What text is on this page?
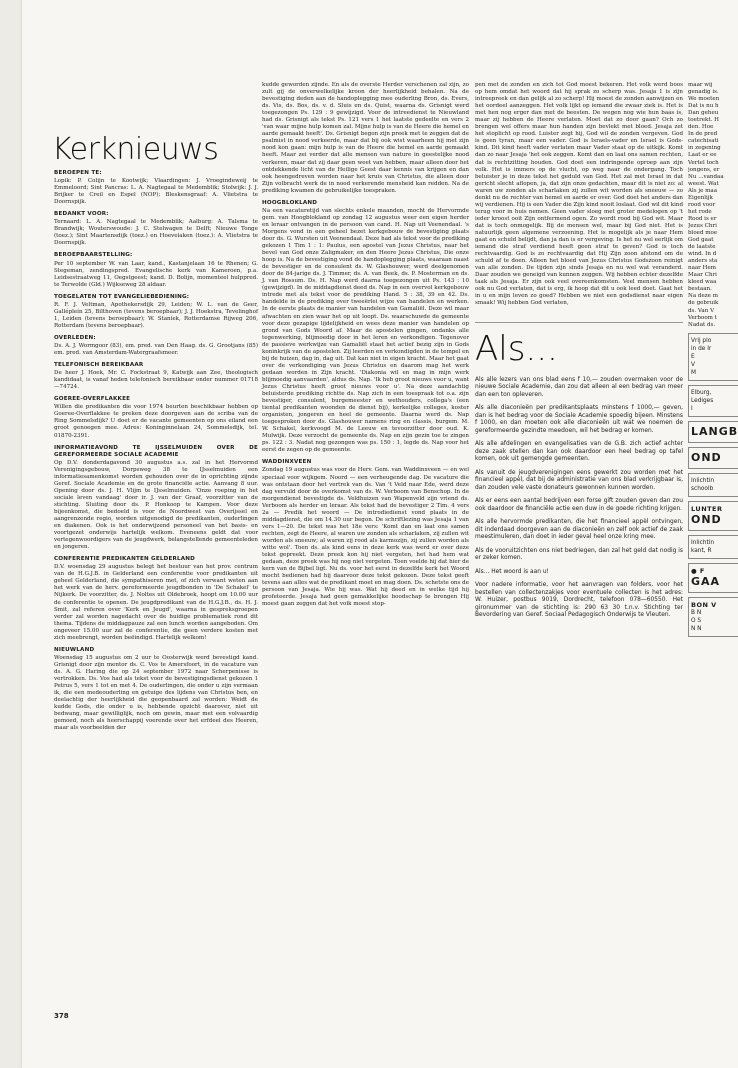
Kerknieuws
BEROEPEN TE:

Lopik: P. Colijn te Kootwijk; Vlaardingen: J. Vroegindeweij te Emmeloord; Sint Pancras: L. A. Nagtegaal te Medemblik; Stolwijk: J. J. Brijker te Creil en Espel (NOP); Bleskensgraaf: A. Vlietstra te Doornspijk.

BEDANKT VOOR:

Ternaard: L. A. Nagtegaal te Medemblik; Aalburg: A. Talsma te Brandwijk; Wouterswoude: J. C. Stelwagen te Delft; Nieuwe Tonge (toez.); Sint Maartensdijk (toez.) en Hoevelaken (toez.): A. Vlietstra te Doornspijk.

BEROEPBAARSTELLING:

Per 10 september W. van Laar, kand., Kastanjelaan 16 te Rhenen; G. Stegeman, zendingspred. Evangelische kerk van Kameroen, p.a. Leidsestraatweg 11, Oegstgeest; kand. D. Bolijn, momenteel hulppred. te Terwolde (Gld.) Wijkseweg 28 aldaar.

TOEGELATEN TOT EVANGELIEBEDIENING:

R. F. J. Veltman, Apothekersdijk 29, Leiden; W. L. van de Geer, Gallépleín 25, Bilthoven (tevens beroepbaar); J. J. Hoekstra, Tevelinghof 1, Leiden (tevens beroepbaar); W. Staniek, Rotterdamse Rijweg 206, Rotterdam (tevens beroepbaar).

OVERLEDEN:

Ds. A. J. Wormgoor (83), em. pred. van Den Haag. ds. G. Grootjans (85) em. pred. van Amsterdam-Watergraafsmeer.

TELEFONISCH BEREIKBAAR

De heer J. Hoek, Mr. C. Fockstraat 9, Katwijk aan Zee, theologisch kandidaat, is vanaf heden telefonisch bereikbaar onder nummer 01718—74724.

GOEREE-OVERFLAKKEE

Willen die predikanten die voor 1974 beurten beschikbaar hebben op Goeree-Overflakkee te preken deze doorgeven aan de scriba van de Ring Sommelsdijk? U doet er de vacante gemeenten op ons eiland een groot genoegen mee. Adres: Koninginnelaan 24, Sommelsdijk, tel. 01870-2391.

INFORMATIEAVOND TE IJSSELMUIDEN OVER DE GEREFORMEERDE SOCIALE ACADEMIE

Op D.V. donderdagavond 30 augustus a.s. zal in het Hervormd Verenigingsgebouw, Dorpsweg 38 te IJsselmuiden een informatiesamenkomst worden gehouden over de in oprichting zijnde Geref. Sociale Academie en de grote financiële actie. Aanvang 8 uur. Opening door ds. J. H. Vlijm te IJsselmuiden. 'Onze roeping in het sociale leven vandaag' door ir. J. van der Graaf, voorzitter van de stichting. Sluiting door ds. P. Honkoop te Kampen. Voor deze bijeenkomst, die bedoeld is voor de Noordwest van Overijssel en aangrenzende regio, worden uitgenodigd de predikanten, ouderlingen en diakenen. Ook is het onderwijzend personeel van het basis- en voortgezet onderwijs hartelijk welkom. Eveneens geldt dat voor vertegenwoordigers van de jeugdwerk, belangstellende gemeenteleden en jongeren.

CONFERENTIE PREDIKANTEN GELDERLAND

D.V. woensdag 29 augustus belegt het bestuur van het prov. centrum van de H.G.J.B. in Gelderland een conferentie voor predikanten uit geheel Gelderland, die sympathiseren met, of zich verwant weten aan het werk van de herv. gereformeerde jeugdbonden in 'De Schakel' te Nijkerk. De voorzitter, ds. J. Noltes uit Oldebroek, hoopt om 10.00 uur de conferentie te openen. De jeugdpredikant van de H.G.J.B., ds. H. J. Smit, zal referen over 'Kerk en Jeugd', waarna in gespreksgroepen verder zal worden nagedacht over de huidige problematiek rond dit thema. Tijdens de middagpauze zal een lunch worden aangeboden. Om ongeveer 15.00 uur zal de conferentie, die geen verdere kosten met zich meebrengt, worden beëindigd. Hartelijk welkom!

NIEUWLAND

Woensdag 15 augustus om 2 uur te Oosterwijk werd bevestigd kand. Grisnigt door zijn mentor ds. C. Vos te Amersfoort, in de vacature van ds. A. G. Haring die op 24 september 1972 naar Scherpenisse is vertrokken. Ds. Vos had als tekst voor de bevestigingsdienst gekozen 1 Petrus 5, vers 1 tot en met 4. De ouderlingen, die onder u zijn vermaan ik, die een medeouderling en getuige des lijdens van Christus ben, en deelachtig der heerlijkheid die geopenbaard zal worden: Weidt de kudde Gods, die onder u is, hebbende opzicht daarover, niet uit bedwang, maar gewilliglijk, noch om gewin, maar met een volvaardig gemoed, noch als heerschappij voerende over het erfdeel des Heeren, maar als voorbeelden der

kudde geworden zijnde. En als de overste Herder verschenen zal zijn, zo zult gij de onverwelkelijke kroon der heerlijkheid behalen. Na de bevestiging deden aan de handoplegging mee ouderling Bron, ds. Evers, ds. Vis, ds. Bos, ds. v. d. Sluis en ds. Quist, waarna ds. Grisnigt werd toegezongen Ps. 129 : 9 gewijzigd. Voor de intreedienst te Nieuwland had ds. Grisnigt als tekst Ps. 121 vers 1 het laatste gedeelte en vers 2 'van waar mijne hulp komen zal. Mijne hulp is van de Heere die hemel en aarde gemaakt heeft'. Ds. Grisnigt begon zijn preek met te zeggen dat de psalmist in nood verkeerde, maar dat bij ook wist waarheen hij met zijn nood kon gaan: mijn hulp is van de Heere die hemel en aarde gemaakt heeft. Maar zei verder dat alle mensen van nature in geestelijke nood verkeren, maar dat zij daar geen weet van hebben, maar alleen door het ontdekkende licht van de Heilige Geest daar kennis van krijgen en dan ook heengedreven worden naar het kruis van Christus, die alleen door Zijn volbracht werk de in nood verkerende mensheid kan redden. Na de prediking kwamen de gebruikelijke toespraken.

HOOGBLOKLAND

Na een vacaturetijd van slechts enkele maanden, mocht de Hervormde gem. van Hoogblokland op zondag 12 augustus weer een eigen herder en leraar ontvangen in de persoon van cand. H. Nap uit Veenendaal. 's Morgens vond in een geheel bezet kerkgebouw de bevestiging plaats door ds. G. Wursten uit Veenendaal. Deze had als tekst voor de prediking gekozen 1 Tim 1 : 1: Paulus, een apostel van Jezus Christus, naar het bevel van God onze Zaligmaker, en den Heere Jezus Christus, Die onze hoop is. Na de bevestiging vond de handoplegging plaats, waaraan naast de bevestiger en de consulent ds. W. Glashouwer, werd deelgenomen door de 84-jarige ds. J. Timmer, ds. A. van Beek, ds. P. Mosterman en ds. J. van Rossum. Ds. H. Nap werd daarna toegezongen uit Ps. 143 : 10 (gewijzigd). In de middagdienst deed ds. Nap in een overvol kerkgebouw intrede met als tekst voor de prediking Hand. 5 : 38, 39 en 42. Ds. handelde in de prediking over tweeërlei wijze van handelen en werken. In de eerste plaats de manier van handelen van Gamaliël. Deze wil maar afwachten en zien waar het op uit loopt. Ds. waarschuwde de gemeente voor deze gezapige lijdelijkheid en wees deze manier van handelen op grond van Gods Woord af. Maar de apostelen gingen, ondanks alle tegenwerking, blijmoedig door in het leren en verkondigen. Tegenover de passieve werkwijze van Gamaliël staat het actief bezig zijn in Gods koninkrijk van de apostelen. Zij leerden en verkondigden in de tempel en bij de huizen, dag in, dag uit. Dat kan niet in eigen kracht. Maar het gaat over de verkondiging van Jezus Christus en daarom mag het werk gedaan worden in Zijn kracht. 'Diakonia wil en mag in mijn werk blijmoedig aanvaarden', aldus ds. Nap. 'Ik heb groot nieuws voor u, want Jezus Christus heeft groot nieuws voor u'. Na deze aandachtig beluisterde prediking richtte ds. Nap zich in een toespraak tot o.a. zijn bevestiger, consulent, burgemeester en wethouders, collega's (een tiental predikanten woonden de dienst bij), kerkelijke colleges, koster organisten, jongeren en heel de gemeente. Daarna werd ds. Nap toegesproken door ds. Glashouwer namens ring en classis, burgem. M. W. Schakel, kerkvoogd M. de Leeuw en tevoorzitter door oud. K. Mulwijk. Deze verzocht de gemeente ds. Nap en zijn gezin toe te zingen ps. 122 : 3. Nadat nog gezongen was ps. 150 : 1, legde ds. Nap voor het eerst de zegen op de gemeente.

WADDINXVEEN

Zondag 19 augustus was voor de Herv. Gem. van Waddinxveen — en wel speciaal voor wijkgem. Noord — een verheugende dag. De vacature die was ontstaan door het vertrek van ds. Van 't Veld naar Ede, werd deze dag vervuld door de overkomst van ds. W. Verboom van Benschop. In de morgendienst bevestigde ds. Veldhuizen van Wapenveld zijn vriend ds. Verboom als herder en leraar. Als tekst had de bevestiger 2 Tim. 4 vers 2a — Predik het woord — De introdiedienst vond plaats in de middagdienst, die om 14.30 uur begon. De schriftlezing was Jesaja 1 van vers 1—20. De tekst was het 18e vers: 'Komt dan en laat ons samen rechten, zegt de Heere, al waren uw zonden als scharlaken, zij zullen wit worden als sneeuw; al waren zij rood als karmozijn, zij zullen worden als witte wol'. Toen ds. als kind eens in deze kerk was werd er over deze tekst gepreekt. Deze preek kon hij niet vergeten, het had hem wat gedaan, deze preek was hij nog niet vergeten. Toen voelde hij dat hier de kern van de Bijbel ligt. Nu ds. voor het eerst in dezelfde kerk het Woord mocht bedienen had hij daarvoor deze tekst gekozen. Deze tekst geeft tevens aan alles wat de predikant moet en mag doen. Ds. schetste ons de persoon van Jesaja. Wie hij was. Wat hij deed en in welke tijd hij profeteerde. Jesaja had geen gemakkelijke boodschap te brengen Hij moest gaan zeggen dat het volk moest stop-

pen met de zonden en zich tot God moest bekeren. Het volk werd boos op hem omdat het woord dat hij sprak zo scherp was. Jesaja 1 is zijn intreepreek en dan gelijk al zo scherp! Hij moest de zonden aanwijzen en het oordeel aanzeggen. Het volk lijkt op iemand die zwaar ziek is. Het is met hen nog erger dan met de beesten. De wegen nog wie hun baas is, maar zij hebben de Heere verlaten. Moet dat zo door gaan? Och zo brengen wel offers maar hun handen zijn bevlekt met bloed. Jesaja zet het stoplicht op rood. Luister zegt hij, God wil de zonden vergeven. God is geen tyran, maar een vader. God is Israels-vader en Israel is Gods-kind. Dit kind heeft vader verlaten maar Vader staat op de uitkijk. Komt dan zo naar Jesaja 'het ook zeggen. Komt dan en laat ons samen rechten, dat is rechtzitting houden. God doet een indringende oproep aan zijn volk. Het is immers op de vlucht, op weg naar de ondergang. Toch beluister je in deze tekst het geduld van God. Het zal met Israel in dat gericht slecht aflopen, ja, dat zijn onze gedachten, maar dit is niet zo: al waren uw zonden als scharlaken zij zullen wit worden als sneeuw — zo denkt nu de rechter van hemel en aarde er over. God doet het anders dan wij verdienen. Hij is een Vader die Zijn kind nooit loslaat. God wil dit kind terug voor in huis nemen. Geen vader sloeg met groter medelogen op 't ieder kroost ooit Zijn ontfermend ogen. Zo wordt rood bij God wit. Maar dat is toch onmogelijk. Bij de mensen wel, maar bij God niet. Het is natuurlijk geen algemene verzoening. Het is mogelijk als je naar Hem gaat en schuld belijdt, dan ja dan is er vergeving. Is het nu wel eerlijk om iemand die straf verdiend heeft geen straf te geven? God is toch rechtvaardig. God is zo rechtvaardig dat Hij Zijn zoon afstond om de schuld af te doen. Alleen het bloed van Jezus Christus Godszoon reinigt van alle zonden. De tijden zijn sinds Jesaja en nu wel wat veranderd. Daar zouden we geneigd van kunnen zeggen. Wij hebben echter dezelfde taak als Jesaja. Er zijn ook veel overeenkomsten. Veel mensen hebben ook nu God verlaten, dat is erg, ik hoop dat dit u ook leed doet. Gaat het in u en mijn leven zo goed? Hebben we niet een godsdienst naar eigen smaak! Wij hebben God verlaten,

Als...

Als alle lezers van ons blad eens f 10,— zouden overmaken voor de nieuwe Sociale Academie, dan zou dat alleen al een bedrag van meer dan een ton opleveren.

Als alle diaconieën per predikantsplaats minstens f 1000,— geven, dan is het bedrag voor de Sociale Academie spoedig bijeen. Minstens f 1000, en dan moeten ook alle diaconieën uit wat we noemen de gereformeerde gezindte meedoen, wil het bedrag er komen.

Als alle afdelingen en evangelisaties van de G.B. zich actief achter deze zaak stellen dan kan ook daardoor een heel bedrag op tafel komen, ook uit gemengde gemeenten.

Als vanuit de jeugdverenigingen eens gewerkt zou worden met het financieel appèl, dat bij de administratie van ons blad verkrijgbaar is, dan zouden vele vaste donateurs gewonnen kunnen worden.

Als er eens een aantal bedrijven een forse gift zouden geven dan zou ook daardoor de financiële actie een duw in de goede richting krijgen.

Als alle hervormde predikanten, die het financieel appèl ontvingen, dit inderdaad doorgeven aan de diaconieën en zelf ook actief de zaak meestimuleren, dan doet in ieder geval heel onze kring mee.

Als de vooruitzichten ons niet bedriegen, dan zal het geld dat nodig is er zeker komen.

Als... Het woord is aan u!

Voor nadere informatie, voor het aanvragen van folders, voor het bestellen van collectenzakjes voor eventuele collecten is het adres: W. Huizer, postbus 9019, Dordrecht, telefoon 078—60550. Het gironummer van de stichting is: 290 63 30 t.n.v. Stichting ter Bevordering van Geref. Sociaal Pedagogisch Onderwijs te Vleuten.

maar wij
genadig is.
We moeten
Dat is nu h
Dan geheu
toetrekt. H
den. Hoe
In de pred
catechisati
in zegening
Laat er ee
Vertel toch
jongens, er
Nu ...vandaa
weest. Wat
Als je maa
Eigenlijk
rood voor
het rode
Rood is er
Jezus Chri
bloed moe
God gaat
de laatste
wind. In d
anders sta
naar Hem
Maar Chri
kleed waa
bestaan.
Na deze m
de gebruik
ds. Van V
Verboom t
Nadat ds.
Vrij plo
in de Ir
E
V
M
Elburg,
Lediges
I
LANGB
OND
Inlichtin
schoolb
LUNTER
OND
Inlichtin
kant, R
● F
GAA
BON V
B N
O S
N N
378
